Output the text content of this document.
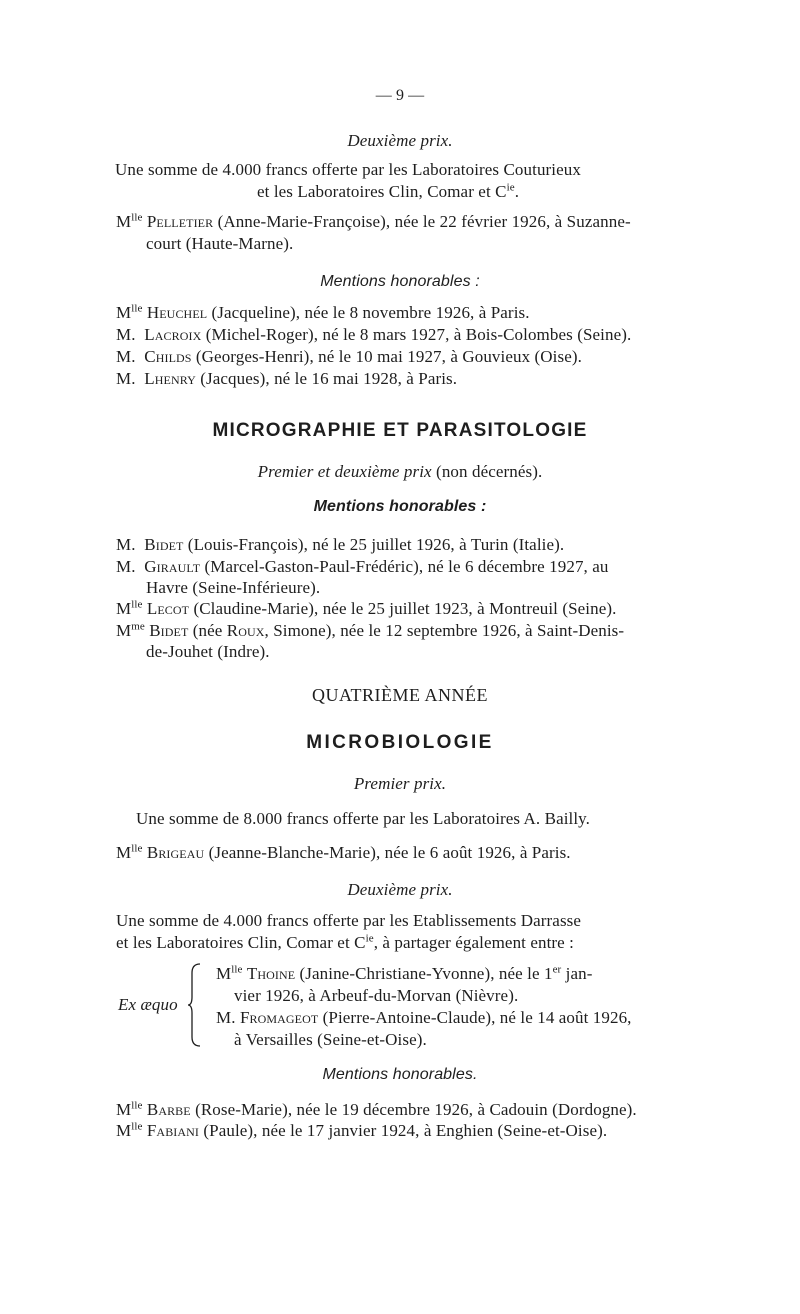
— 9 —
Deuxième prix.
Une somme de 4.000 francs offerte par les Laboratoires Couturieux
et les Laboratoires Clin, Comar et $C^{ie}$.
$M^{lle}$ Pelletier (Anne-Marie-Françoise), née le 22 février 1926, à Suzanne-
court (Haute-Marne).
Mentions honorables :
$M^{lle}$ Heuchel (Jacqueline), née le 8 novembre 1926, à Paris.
M. Lacroix (Michel-Roger), né le 8 mars 1927, à Bois-Colombes (Seine).
M. Childs (Georges-Henri), né le 10 mai 1927, à Gouvieux (Oise).
M. Lhenry (Jacques), né le 16 mai 1928, à Paris.
MICROGRAPHIE ET PARASITOLOGIE
Premier et deuxième prix (non décernés).
Mentions honorables :
M. Bidet (Louis-François), né le 25 juillet 1926, à Turin (Italie).
M. Girault (Marcel-Gaston-Paul-Frédéric), né le 6 décembre 1927, au
Havre (Seine-Inférieure).
$M^{lle}$ Lecot (Claudine-Marie), née le 25 juillet 1923, à Montreuil (Seine).
$M^{me}$ Bidet (née Roux, Simone), née le 12 septembre 1926, à Saint-Denis-
de-Jouhet (Indre).
QUATRIÈME ANNÉE
MICROBIOLOGIE
Premier prix.
Une somme de 8.000 francs offerte par les Laboratoires A. Bailly.
$M^{lle}$ Brigeau (Jeanne-Blanche-Marie), née le 6 août 1926, à Paris.
Deuxième prix.
Une somme de 4.000 francs offerte par les Etablissements Darrasse
et les Laboratoires Clin, Comar et $C^{ie}$, à partager également entre :
Ex æquo
$M^{lle}$ Thoine (Janine-Christiane-Yvonne), née le 1er jan-
vier 1926, à Arbeuf-du-Morvan (Nièvre).
M. Fromageot (Pierre-Antoine-Claude), né le 14 août 1926,
à Versailles (Seine-et-Oise).
Mentions honorables.
$M^{lle}$ Barbe (Rose-Marie), née le 19 décembre 1926, à Cadouin (Dordogne).
$M^{lle}$ Fabiani (Paule), née le 17 janvier 1924, à Enghien (Seine-et-Oise).
